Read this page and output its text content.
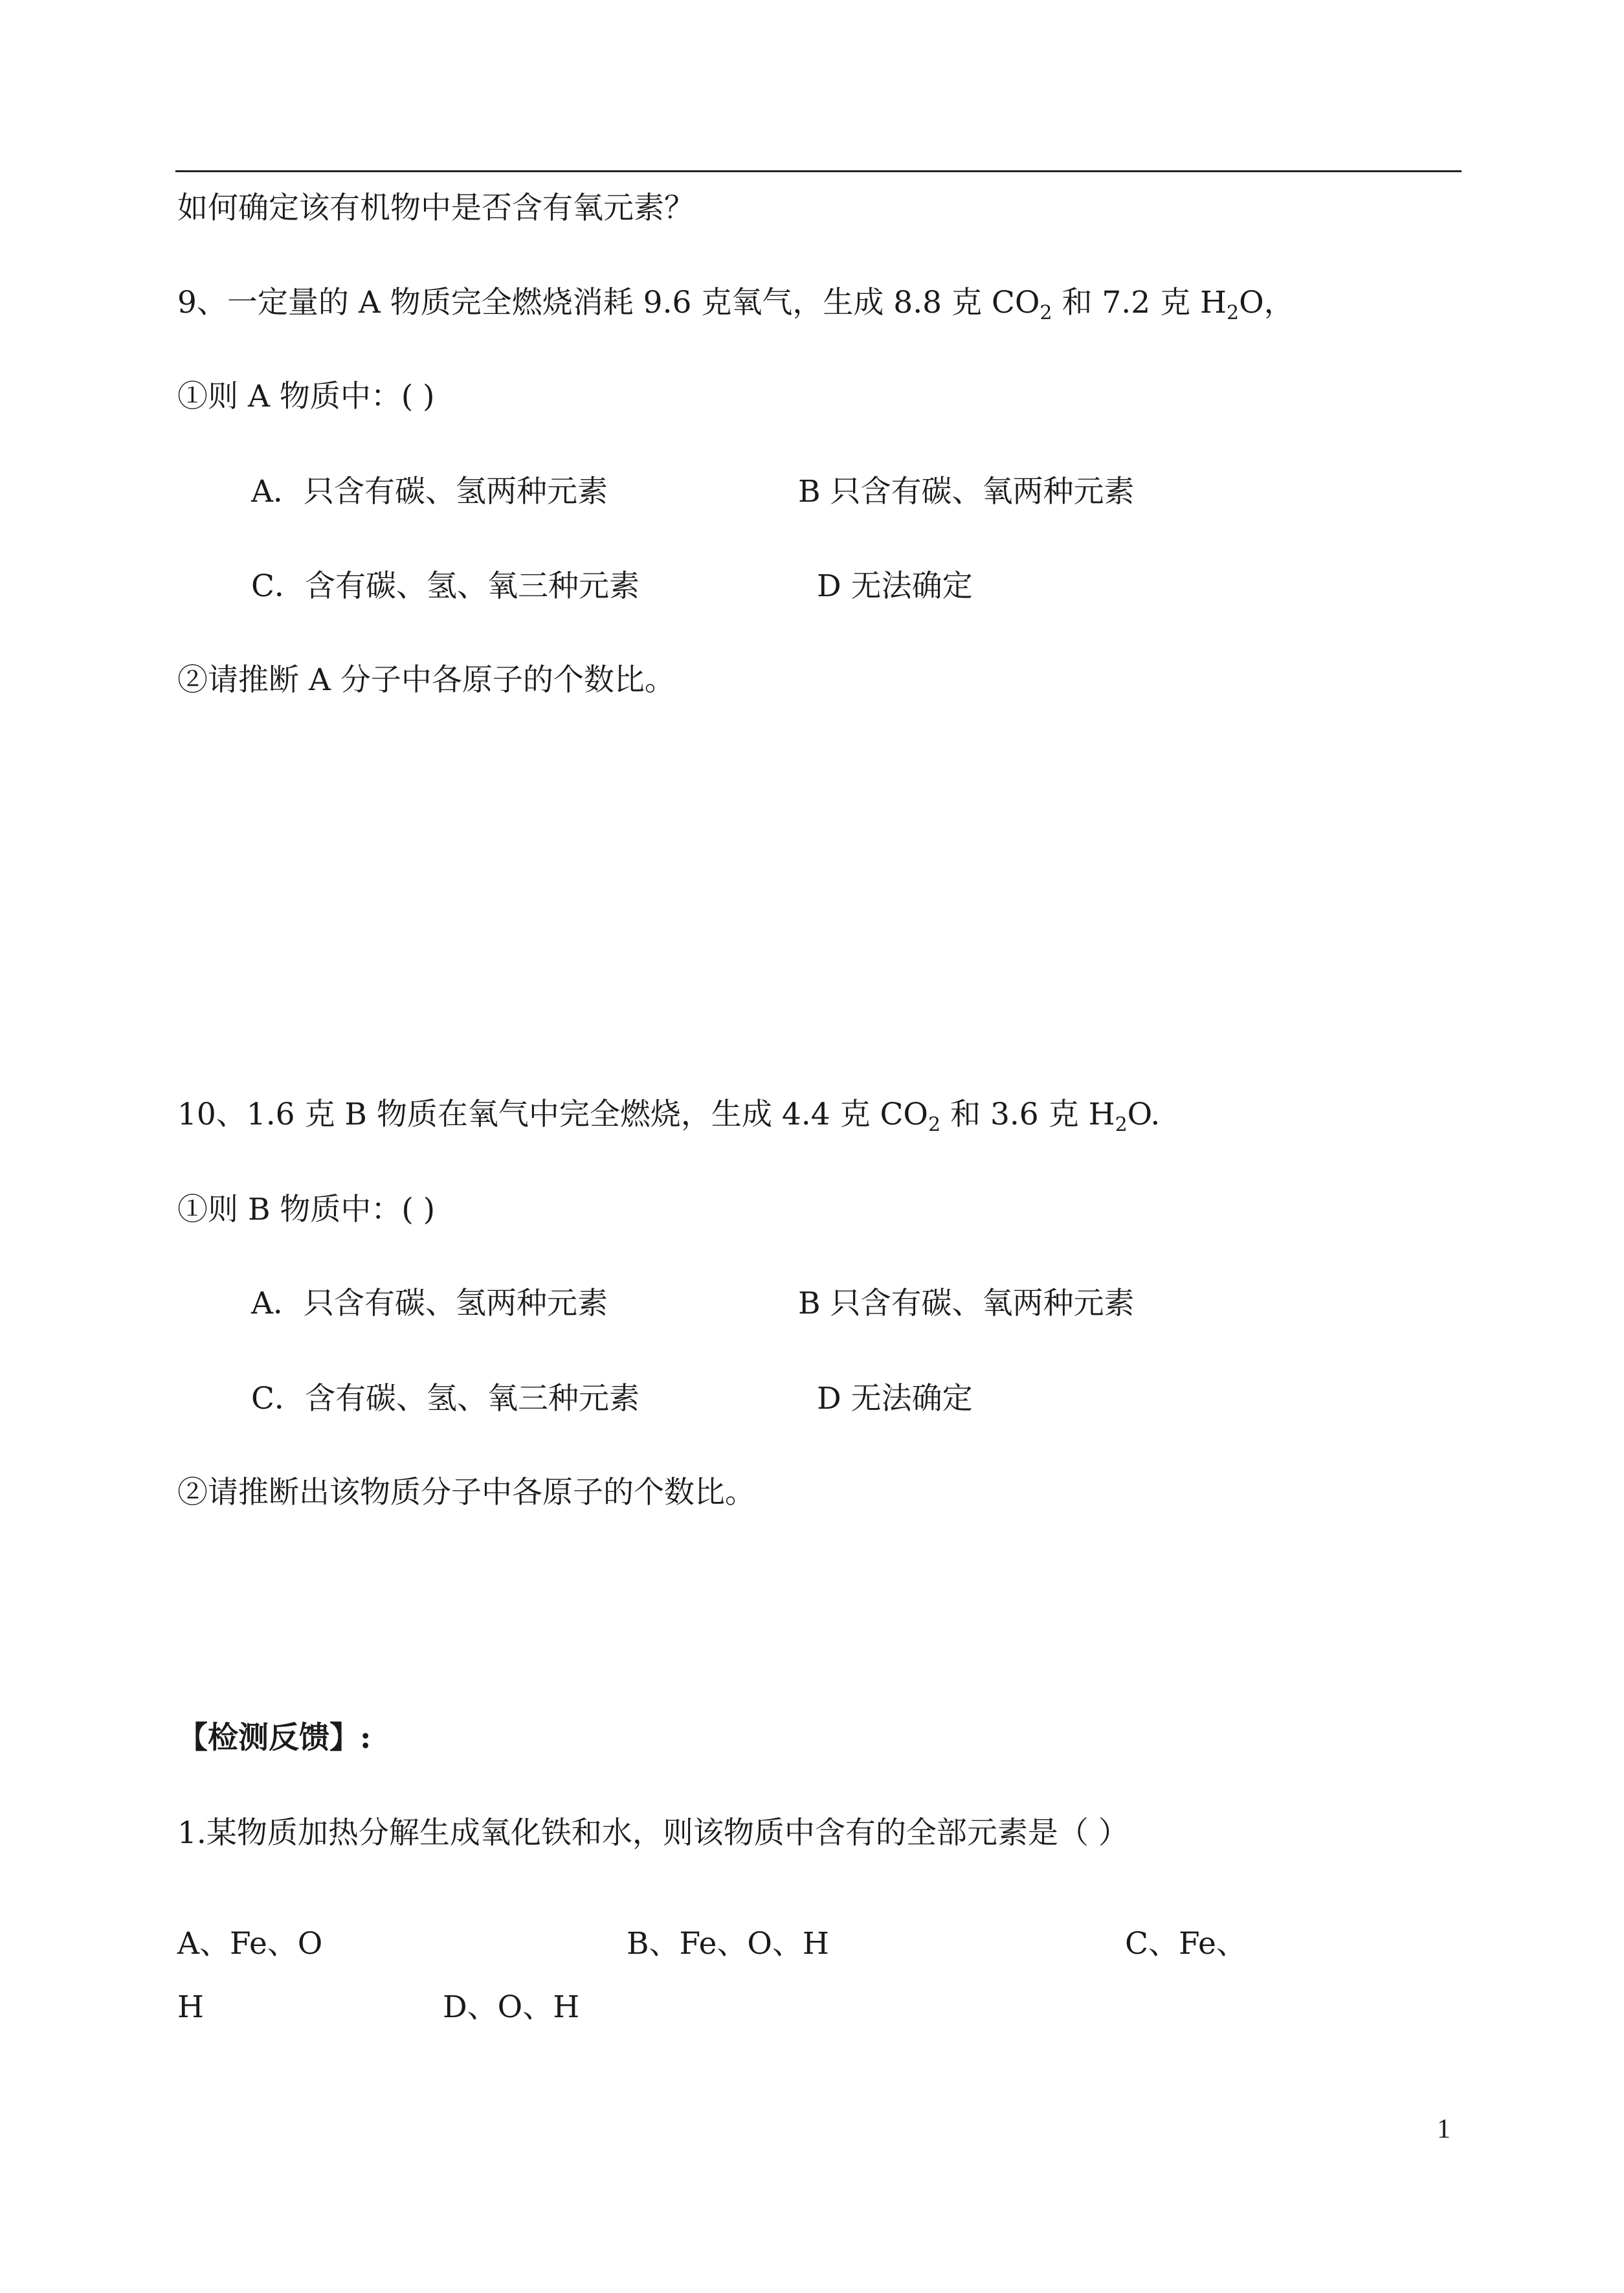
如何确定该有机物中是否含有氧元素？
9、一定量的 A 物质完全燃烧消耗 9.6 克氧气，生成 8.8 克 $CO_2$ 和 7.2 克 $H_2O$，
①则 A 物质中：( )
A．只含有碳、氢两种元素	B 只含有碳、氧两种元素
C．含有碳、氢、氧三种元素	D 无法确定
②请推断 A 分子中各原子的个数比。
10、1.6 克 B 物质在氧气中完全燃烧，生成 4.4 克 $CO_2$ 和 3.6 克 $H_2O$.
①则 B 物质中：( )
A．只含有碳、氢两种元素	B 只含有碳、氧两种元素
C．含有碳、氢、氧三种元素	D 无法确定
②请推断出该物质分子中各原子的个数比。
【检测反馈】:
1.某物质加热分解生成氧化铁和水，则该物质中含有的全部元素是（ ）
A、Fe、O	B、Fe、O、H	C、Fe、
H	D、O、H
1
